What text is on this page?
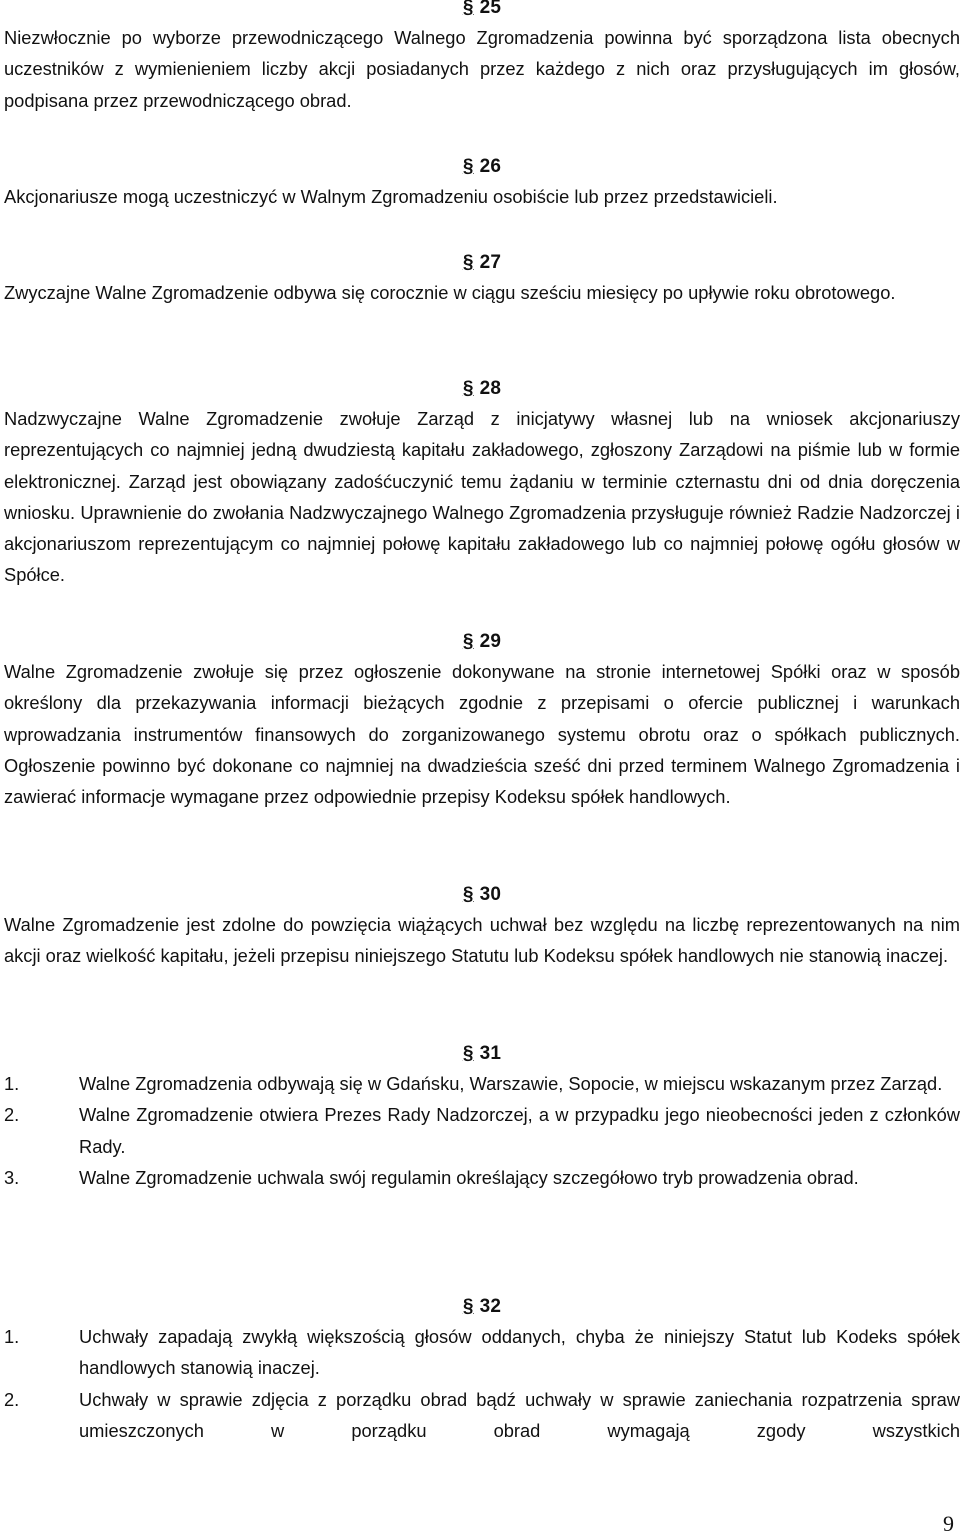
§ 25

Niezwłocznie po wyborze przewodniczącego Walnego Zgromadzenia powinna być sporządzona lista obecnych uczestników z wymienieniem liczby akcji posiadanych przez każdego z nich oraz przysługujących im głosów, podpisana przez przewodniczącego obrad.

§ 26

Akcjonariusze mogą uczestniczyć w Walnym Zgromadzeniu osobiście lub przez przedstawicieli.

§ 27

Zwyczajne Walne Zgromadzenie odbywa się corocznie w ciągu sześciu miesięcy po upływie roku obrotowego.

§ 28

Nadzwyczajne Walne Zgromadzenie zwołuje Zarząd z inicjatywy własnej lub na wniosek akcjonariuszy reprezentujących co najmniej jedną dwudziestą kapitału zakładowego, zgłoszony Zarządowi na piśmie lub w formie elektronicznej. Zarząd jest obowiązany zadośćuczynić temu żądaniu w terminie czternastu dni od dnia doręczenia wniosku. Uprawnienie do zwołania Nadzwyczajnego Walnego Zgromadzenia przysługuje również Radzie Nadzorczej i akcjonariuszom reprezentującym co najmniej połowę kapitału zakładowego lub co najmniej połowę ogółu głosów w Spółce.

§ 29

Walne Zgromadzenie zwołuje się przez ogłoszenie dokonywane na stronie internetowej Spółki oraz w sposób określony dla przekazywania informacji bieżących zgodnie z przepisami o ofercie publicznej i warunkach wprowadzania instrumentów finansowych do zorganizowanego systemu obrotu oraz o spółkach publicznych. Ogłoszenie powinno być dokonane co najmniej na dwadzieścia sześć dni przed terminem Walnego Zgromadzenia i zawierać informacje wymagane przez odpowiednie przepisy Kodeksu spółek handlowych.

§ 30

Walne Zgromadzenie jest zdolne do powzięcia wiążących uchwał bez względu na liczbę reprezentowanych na nim akcji oraz wielkość kapitału, jeżeli przepisu niniejszego Statutu lub Kodeksu spółek handlowych nie stanowią inaczej.

§ 31
1.	Walne Zgromadzenia odbywają się w Gdańsku, Warszawie, Sopocie, w miejscu wskazanym przez Zarząd.
2.	Walne Zgromadzenie otwiera Prezes Rady Nadzorczej, a w przypadku jego nieobecności jeden z członków Rady.
3.	Walne Zgromadzenie uchwala swój regulamin określający szczegółowo tryb prowadzenia obrad.
§ 32
1.	Uchwały zapadają zwykłą większością głosów oddanych, chyba że niniejszy Statut lub Kodeks spółek handlowych stanowią inaczej.
2.	Uchwały w sprawie zdjęcia z porządku obrad bądź uchwały w sprawie zaniechania rozpatrzenia spraw umieszczonych w porządku obrad wymagają zgody wszystkich
9
